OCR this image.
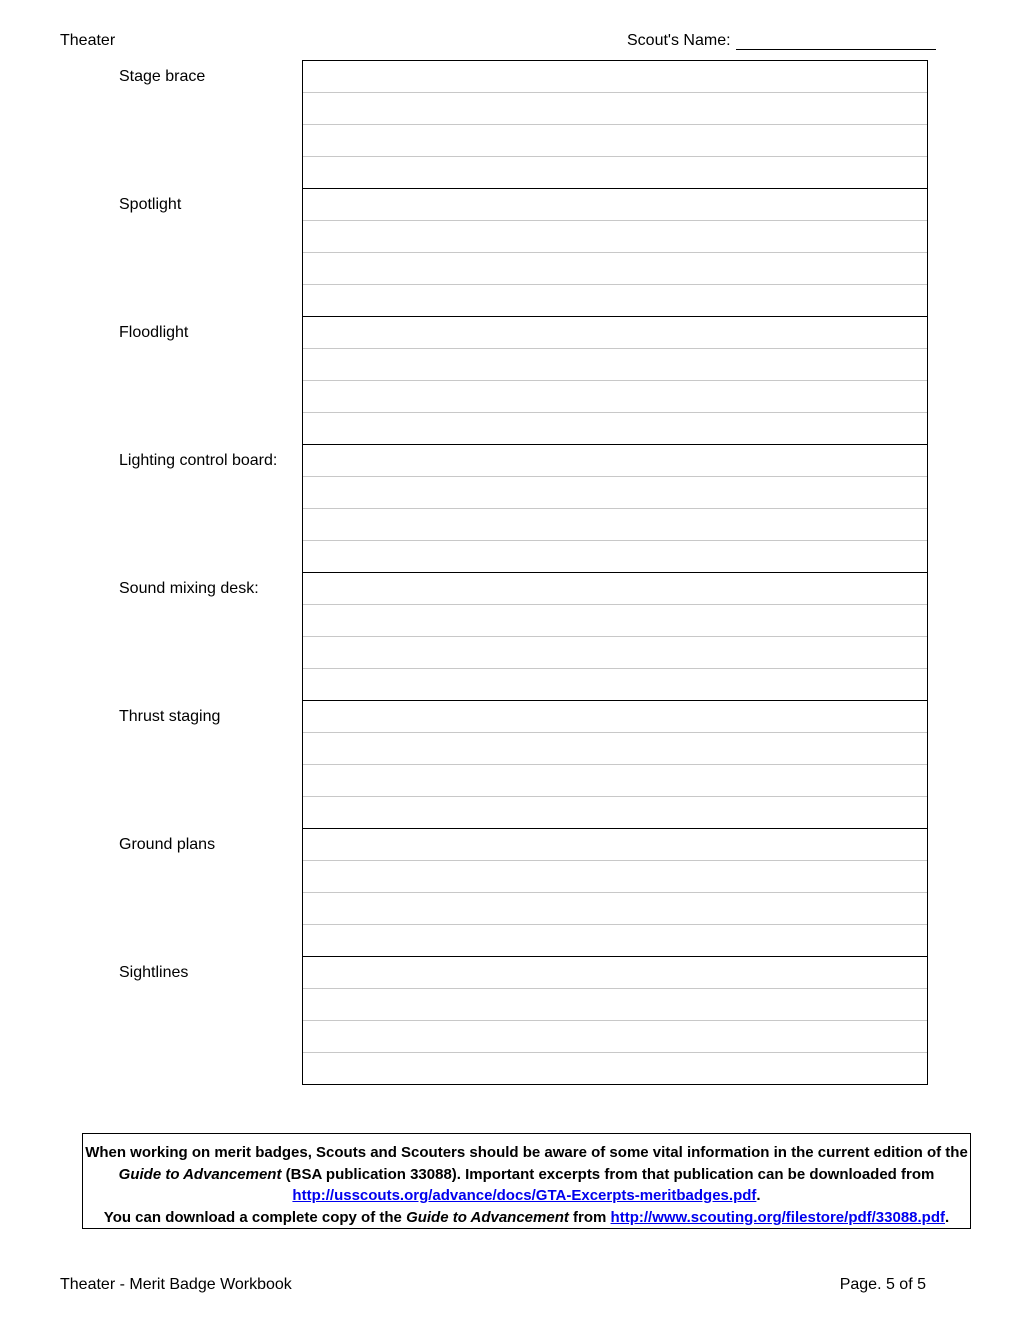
Theater	Scout's Name:
Stage brace
Spotlight
Floodlight
Lighting control board:
Sound mixing desk:
Thrust staging
Ground plans
Sightlines
When working on merit badges, Scouts and Scouters should be aware of some vital information in the current edition of the Guide to Advancement (BSA publication 33088). Important excerpts from that publication can be downloaded from http://usscouts.org/advance/docs/GTA-Excerpts-meritbadges.pdf.
You can download a complete copy of the Guide to Advancement from http://www.scouting.org/filestore/pdf/33088.pdf.
Theater - Merit Badge Workbook	Page. 5 of 5
